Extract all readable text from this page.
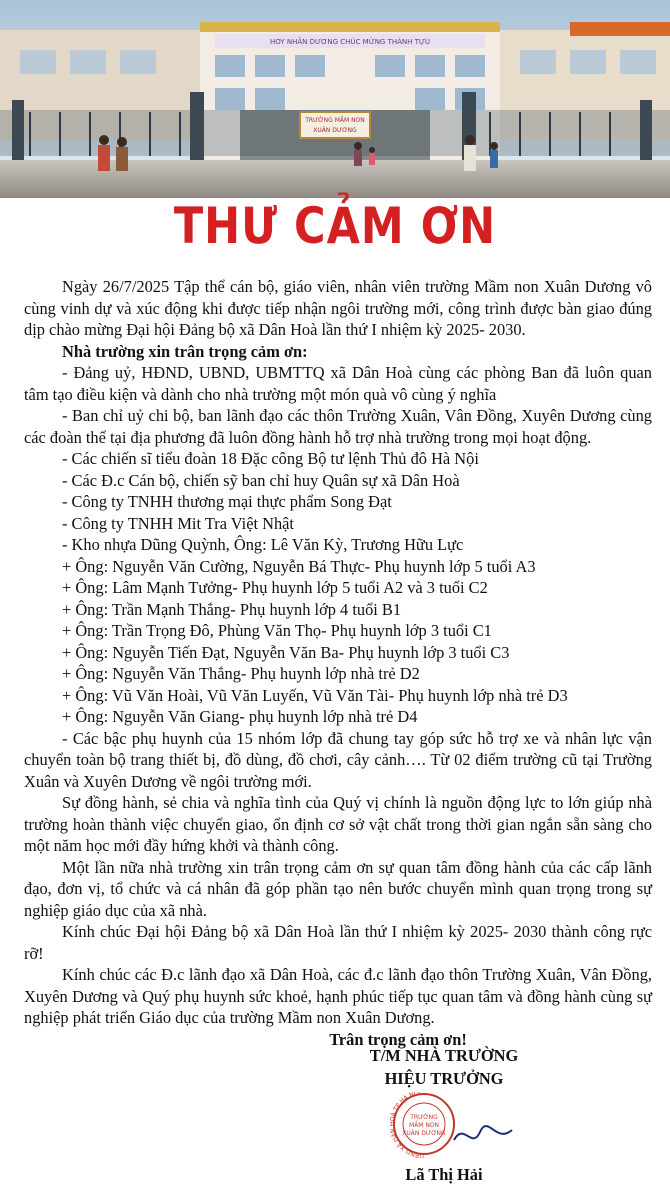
HOY NHÂN DƯƠNG CHÚC MỪNG THÀNH TỰU
TRƯỜNG MẦM NON
XUÂN DƯƠNG
THƯ CẢM ƠN

Ngày 26/7/2025 Tập thể cán bộ, giáo viên, nhân viên trường Mầm non Xuân Dương vô cùng vinh dự và xúc động khi được tiếp nhận ngôi trường mới, công trình được bàn giao đúng dịp chào mừng Đại hội Đảng bộ xã Dân Hoà lần thứ I nhiệm kỳ 2025- 2030.

Nhà trường xin trân trọng cảm ơn:

- Đảng uỷ, HĐND, UBND, UBMTTQ xã Dân Hoà cùng các phòng Ban đã luôn quan tâm tạo điều kiện và dành cho nhà trường một món quà vô cùng ý nghĩa

- Ban chỉ uỷ chi bộ, ban lãnh đạo các thôn Trường Xuân, Vân Đồng, Xuyên Dương cùng các đoàn thể tại địa phương đã luôn đồng hành hỗ trợ nhà trường trong mọi hoạt động.

- Các chiến sĩ tiểu đoàn 18 Đặc công Bộ tư lệnh Thủ đô Hà Nội

- Các Đ.c Cán bộ, chiến sỹ ban chỉ huy Quân sự xã Dân Hoà

- Công ty TNHH thương mại thực phẩm Song Đạt

- Công ty TNHH Mit Tra Việt Nhật

- Kho nhựa Dũng Quỳnh, Ông: Lê Văn Kỳ, Trương Hữu Lực

+ Ông: Nguyễn Văn Cường, Nguyễn Bá Thực- Phụ huynh lớp 5 tuổi A3

+ Ông: Lâm Mạnh Tưởng- Phụ huynh lớp 5 tuổi A2 và 3 tuổi C2

+ Ông: Trần Mạnh Thắng- Phụ huynh lớp 4 tuổi B1

+ Ông: Trần Trọng Đô, Phùng Văn Thọ- Phụ huynh lớp 3 tuổi C1

+ Ông: Nguyễn Tiến Đạt, Nguyễn Văn Ba- Phụ huynh lớp 3 tuổi C3

+ Ông: Nguyễn Văn Thắng- Phụ huynh lớp nhà trẻ D2

+ Ông: Vũ Văn Hoài, Vũ Văn Luyến, Vũ Văn Tài- Phụ huynh lớp nhà trẻ D3

+ Ông: Nguyễn Văn Giang- phụ huynh lớp nhà trẻ D4

- Các bậc phụ huynh của 15 nhóm lớp đã chung tay góp sức hỗ trợ xe và nhân lực vận chuyển toàn bộ trang thiết bị, đồ dùng, đồ chơi, cây cảnh…. Từ 02 điểm trường cũ tại Trường Xuân và Xuyên Dương về ngôi trường mới.

Sự đồng hành, sẻ chia và nghĩa tình của Quý vị chính là nguồn động lực to lớn giúp nhà trường hoàn thành việc chuyển giao, ổn định cơ sở vật chất trong thời gian ngắn sẵn sàng cho một năm học mới đầy hứng khởi và thành công.

Một lần nữa nhà trường xin trân trọng cảm ơn sự quan tâm đồng hành của các cấp lãnh đạo, đơn vị, tổ chức và cá nhân đã góp phần tạo nên bước chuyển mình quan trọng trong sự nghiệp giáo dục của xã nhà.

Kính chúc Đại hội Đảng bộ xã Dân Hoà lần thứ I nhiệm kỳ 2025- 2030 thành công rực rỡ!

Kính chúc các Đ.c lãnh đạo xã Dân Hoà, các đ.c lãnh đạo thôn Trường Xuân, Vân Đồng, Xuyên Dương và Quý phụ huynh sức khoẻ, hạnh phúc tiếp tục quan tâm và đồng hành cùng sự nghiệp phát triển Giáo dục của trường Mầm non Xuân Dương.

Trân trọng cảm ơn!

T/M NHÀ TRƯỜNG
HIỆU TRƯỞNG
UBND XÃ DÂN HOÀ TP HÀ NỘI
TRƯỜNG
MẦM NON
XUÂN DƯƠNG
Lã Thị Hải
